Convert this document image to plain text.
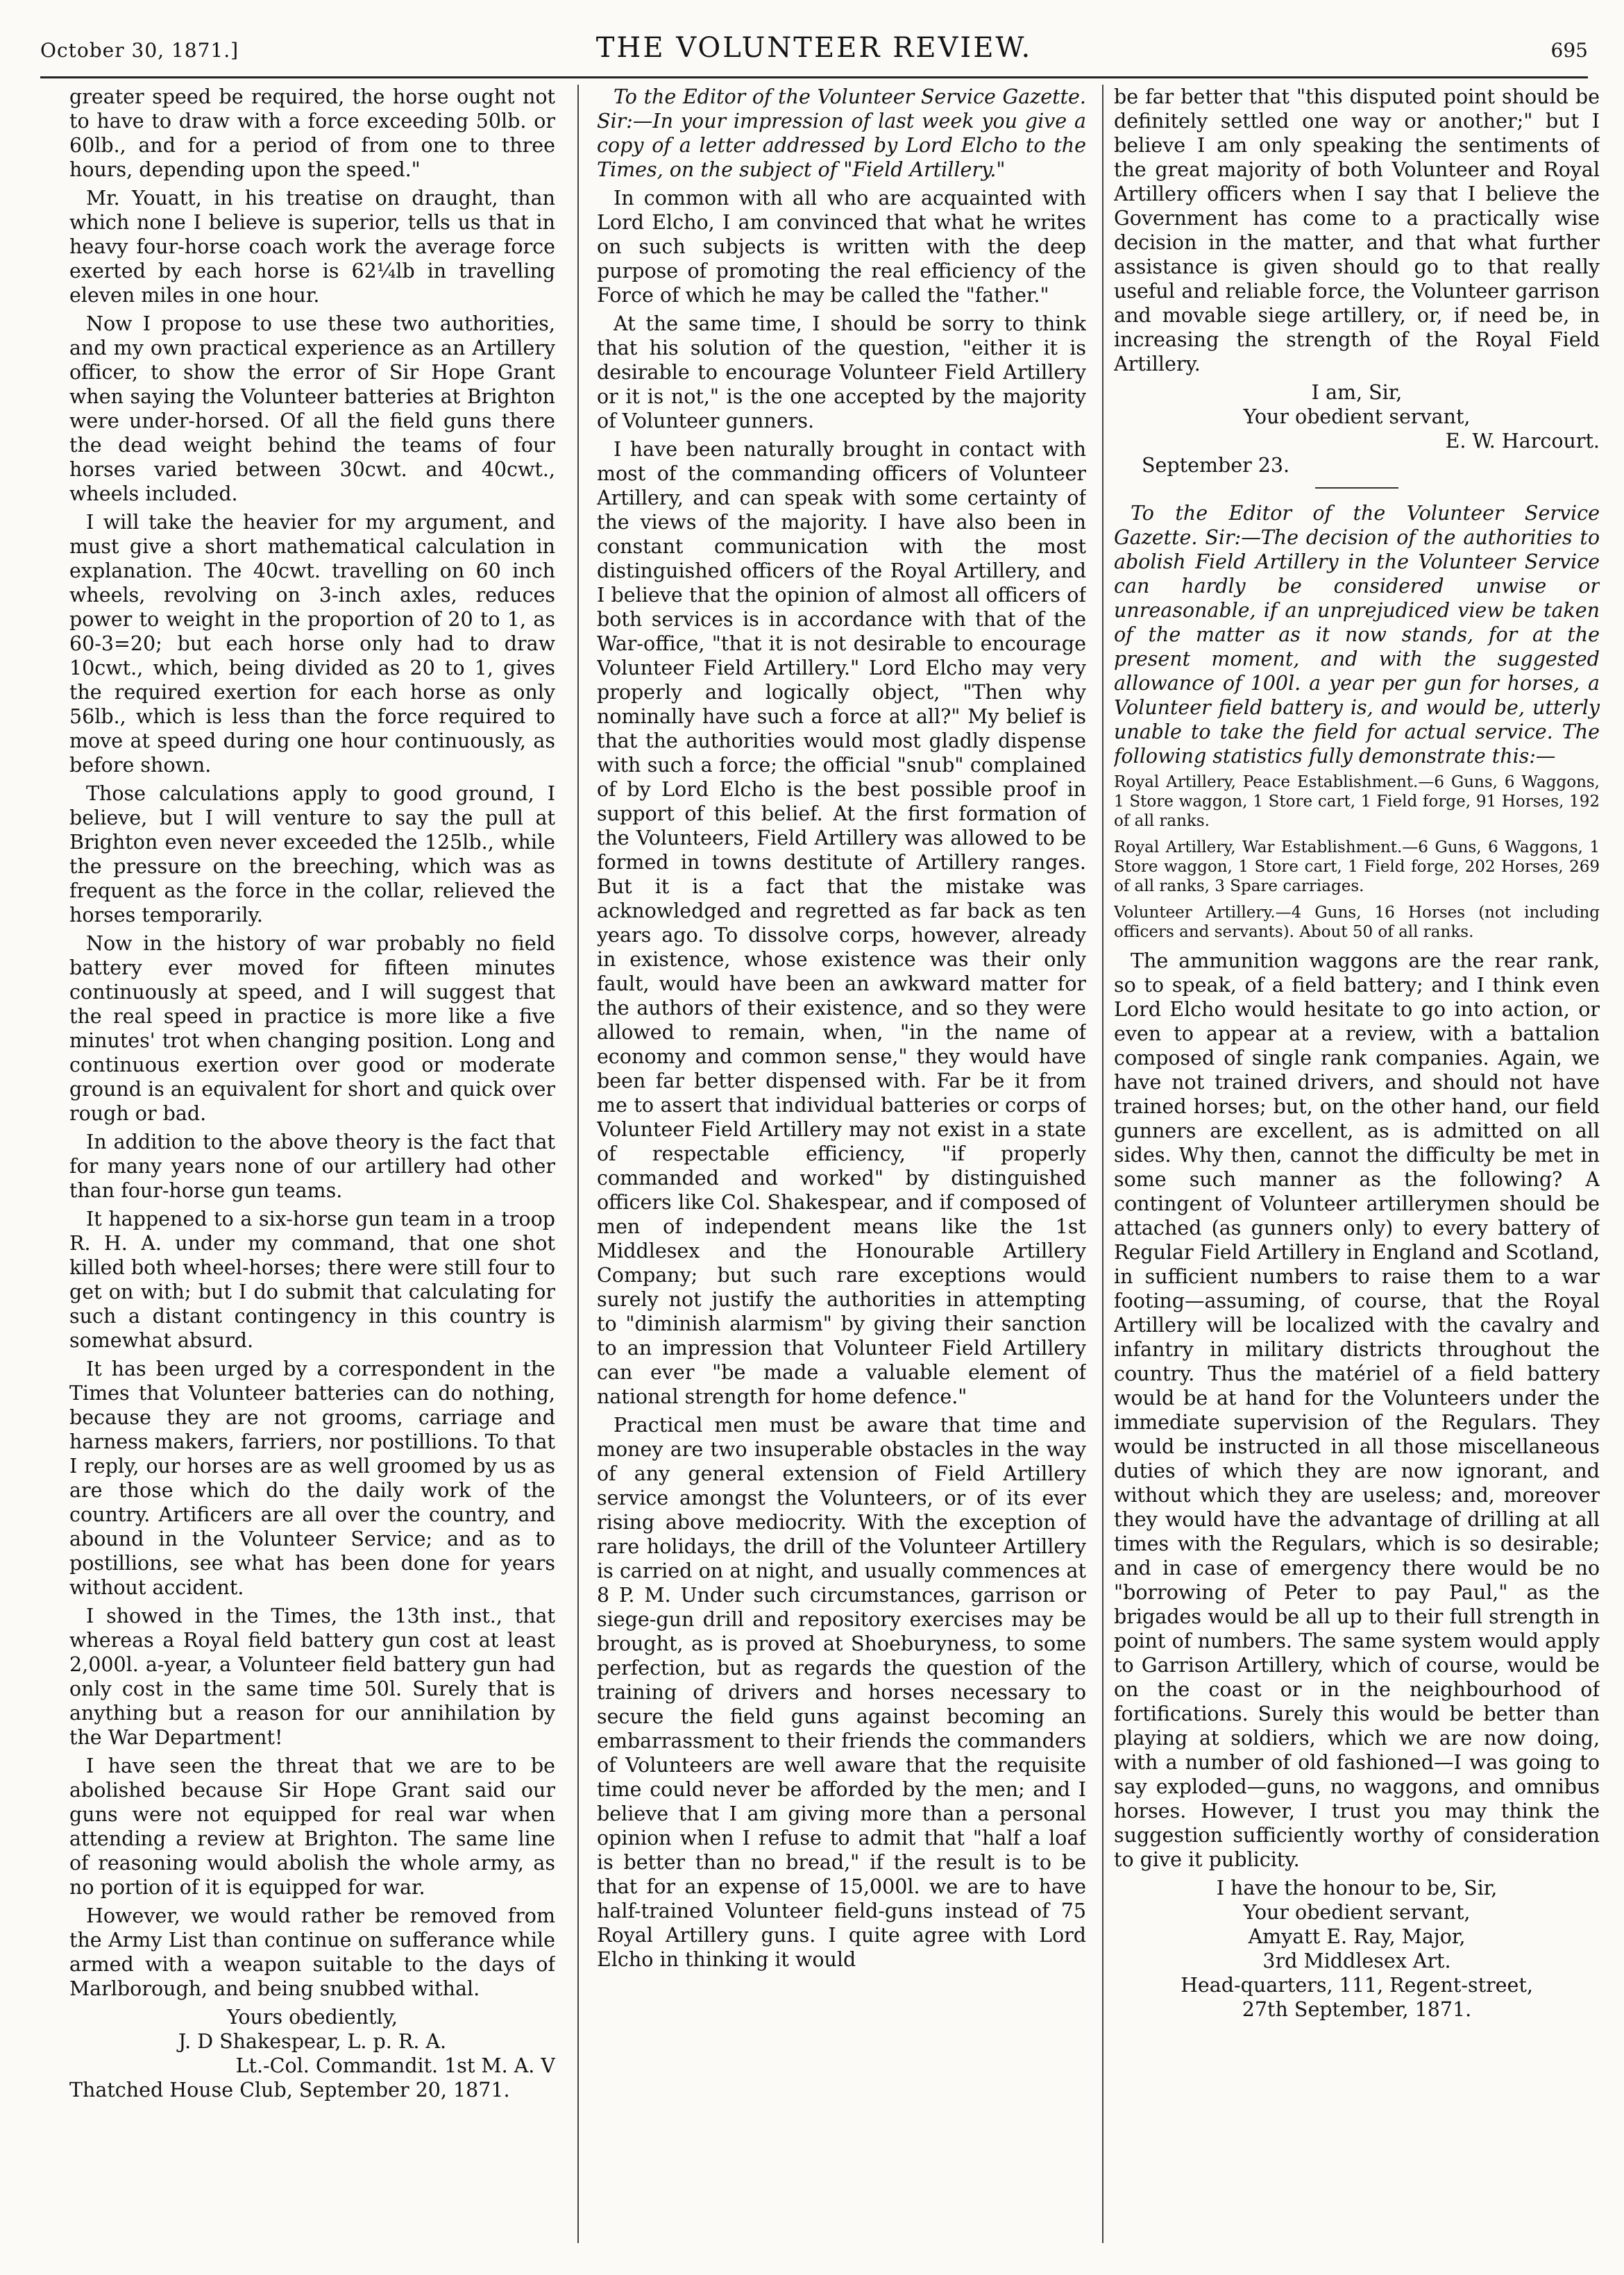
October 30, 1871.]	THE VOLUNTEER REVIEW.	695

greater speed be required, the horse ought not to have to draw with a force exceeding 50lb. or 60lb., and for a period of from one to three hours, depending upon the speed."

Mr. Youatt, in his treatise on draught, than which none I believe is superior, tells us that in heavy four-horse coach work the average force exerted by each horse is 62¼lb in travelling eleven miles in one hour.

Now I propose to use these two authorities, and my own practical experience as an Artillery officer, to show the error of Sir Hope Grant when saying the Volunteer batteries at Brighton were under-horsed. Of all the field guns there the dead weight behind the teams of four horses varied between 30cwt. and 40cwt., wheels included.

I will take the heavier for my argument, and must give a short mathematical calculation in explanation. The 40cwt. travelling on 60 inch wheels, revolving on 3-inch axles, reduces power to weight in the proportion of 20 to 1, as 60-3=20; but each horse only had to draw 10cwt., which, being divided as 20 to 1, gives the required exertion for each horse as only 56lb., which is less than the force required to move at speed during one hour continuously, as before shown.

Those calculations apply to good ground, I believe, but I will venture to say the pull at Brighton even never exceeded the 125lb., while the pressure on the breeching, which was as frequent as the force in the collar, relieved the horses temporarily.

Now in the history of war probably no field battery ever moved for fifteen minutes continuously at speed, and I will suggest that the real speed in practice is more like a five minutes' trot when changing position. Long and continuous exertion over good or moderate ground is an equivalent for short and quick over rough or bad.

In addition to the above theory is the fact that for many years none of our artillery had other than four-horse gun teams.

It happened to a six-horse gun team in a troop R. H. A. under my command, that one shot killed both wheel-horses; there were still four to get on with; but I do submit that calculating for such a distant contingency in this country is somewhat absurd.

It has been urged by a correspondent in the Times that Volunteer batteries can do nothing, because they are not grooms, carriage and harness makers, farriers, nor postillions. To that I reply, our horses are as well groomed by us as are those which do the daily work of the country. Artificers are all over the country, and abound in the Volunteer Service; and as to postillions, see what has been done for years without accident.

I showed in the Times, the 13th inst., that whereas a Royal field battery gun cost at least 2,000l. a-year, a Volunteer field battery gun had only cost in the same time 50l. Surely that is anything but a reason for our annihilation by the War Department!

I have seen the threat that we are to be abolished because Sir Hope Grant said our guns were not equipped for real war when attending a review at Brighton. The same line of reasoning would abolish the whole army, as no portion of it is equipped for war.

However, we would rather be removed from the Army List than continue on sufferance while armed with a weapon suitable to the days of Marlborough, and being snubbed withal.

Yours obediently,

J. D Shakespear, L. p. R. A.

Lt.-Col. Commandit. 1st M. A. V

Thatched House Club, September 20, 1871.

To the Editor of the Volunteer Service Gazette. Sir:—In your impression of last week you give a copy of a letter addressed by Lord Elcho to the Times, on the subject of "Field Artillery."

In common with all who are acquainted with Lord Elcho, I am convinced that what he writes on such subjects is written with the deep purpose of promoting the real efficiency of the Force of which he may be called the "father."

At the same time, I should be sorry to think that his solution of the question, "either it is desirable to encourage Volunteer Field Artillery or it is not," is the one accepted by the majority of Volunteer gunners.

I have been naturally brought in contact with most of the commanding officers of Volunteer Artillery, and can speak with some certainty of the views of the majority. I have also been in constant communication with the most distinguished officers of the Royal Artillery, and I believe that the opinion of almost all officers of both services is in accordance with that of the War-office, "that it is not desirable to encourage Volunteer Field Artillery." Lord Elcho may very properly and logically object, "Then why nominally have such a force at all?" My belief is that the authorities would most gladly dispense with such a force; the official "snub" complained of by Lord Elcho is the best possible proof in support of this belief. At the first formation of the Volunteers, Field Artillery was allowed to be formed in towns destitute of Artillery ranges. But it is a fact that the mistake was acknowledged and regretted as far back as ten years ago. To dissolve corps, however, already in existence, whose existence was their only fault, would have been an awkward matter for the authors of their existence, and so they were allowed to remain, when, "in the name of economy and common sense," they would have been far better dispensed with. Far be it from me to assert that individual batteries or corps of Volunteer Field Artillery may not exist in a state of respectable efficiency, "if properly commanded and worked" by distinguished officers like Col. Shakespear, and if composed of men of independent means like the 1st Middlesex and the Honourable Artillery Company; but such rare exceptions would surely not justify the authorities in attempting to "diminish alarmism" by giving their sanction to an impression that Volunteer Field Artillery can ever "be made a valuable element of national strength for home defence."

Practical men must be aware that time and money are two insuperable obstacles in the way of any general extension of Field Artillery service amongst the Volunteers, or of its ever rising above mediocrity. With the exception of rare holidays, the drill of the Volunteer Artillery is carried on at night, and usually commences at 8 P. M. Under such circumstances, garrison or siege-gun drill and repository exercises may be brought, as is proved at Shoeburyness, to some perfection, but as regards the question of the training of drivers and horses necessary to secure the field guns against becoming an embarrassment to their friends the commanders of Volunteers are well aware that the requisite time could never be afforded by the men; and I believe that I am giving more than a personal opinion when I refuse to admit that "half a loaf is better than no bread," if the result is to be that for an expense of 15,000l. we are to have half-trained Volunteer field-guns instead of 75 Royal Artillery guns. I quite agree with Lord Elcho in thinking it would

be far better that "this disputed point should be definitely settled one way or another;" but I believe I am only speaking the sentiments of the great majority of both Volunteer and Royal Artillery officers when I say that I believe the Government has come to a practically wise decision in the matter, and that what further assistance is given should go to that really useful and reliable force, the Volunteer garrison and movable siege artillery, or, if need be, in increasing the strength of the Royal Field Artillery.

I am, Sir,

Your obedient servant,

E. W. Harcourt.

September 23.

To the Editor of the Volunteer Service Gazette. Sir:—The decision of the authorities to abolish Field Artillery in the Volunteer Service can hardly be considered unwise or unreasonable, if an unprejudiced view be taken of the matter as it now stands, for at the present moment, and with the suggested allowance of 100l. a year per gun for horses, a Volunteer field battery is, and would be, utterly unable to take the field for actual service. The following statistics fully demonstrate this:—

Royal Artillery, Peace Establishment.—6 Guns, 6 Waggons, 1 Store waggon, 1 Store cart, 1 Field forge, 91 Horses, 192 of all ranks.

Royal Artillery, War Establishment.—6 Guns, 6 Waggons, 1 Store waggon, 1 Store cart, 1 Field forge, 202 Horses, 269 of all ranks, 3 Spare carriages.

Volunteer Artillery.—4 Guns, 16 Horses (not including officers and servants). About 50 of all ranks.

The ammunition waggons are the rear rank, so to speak, of a field battery; and I think even Lord Elcho would hesitate to go into action, or even to appear at a review, with a battalion composed of single rank companies. Again, we have not trained drivers, and should not have trained horses; but, on the other hand, our field gunners are excellent, as is admitted on all sides. Why then, cannot the difficulty be met in some such manner as the following? A contingent of Volunteer artillerymen should be attached (as gunners only) to every battery of Regular Field Artillery in England and Scotland, in sufficient numbers to raise them to a war footing—assuming, of course, that the Royal Artillery will be localized with the cavalry and infantry in military districts throughout the country. Thus the matériel of a field battery would be at hand for the Volunteers under the immediate supervision of the Regulars. They would be instructed in all those miscellaneous duties of which they are now ignorant, and without which they are useless; and, moreover they would have the advantage of drilling at all times with the Regulars, which is so desirable; and in case of emergency there would be no "borrowing of Peter to pay Paul," as the brigades would be all up to their full strength in point of numbers. The same system would apply to Garrison Artillery, which of course, would be on the coast or in the neighbourhood of fortifications. Surely this would be better than playing at soldiers, which we are now doing, with a number of old fashioned—I was going to say exploded—guns, no waggons, and omnibus horses. However, I trust you may think the suggestion sufficiently worthy of consideration to give it publicity.

I have the honour to be, Sir,

Your obedient servant,

Amyatt E. Ray, Major,

3rd Middlesex Art.

Head-quarters, 111, Regent-street,

27th September, 1871.
